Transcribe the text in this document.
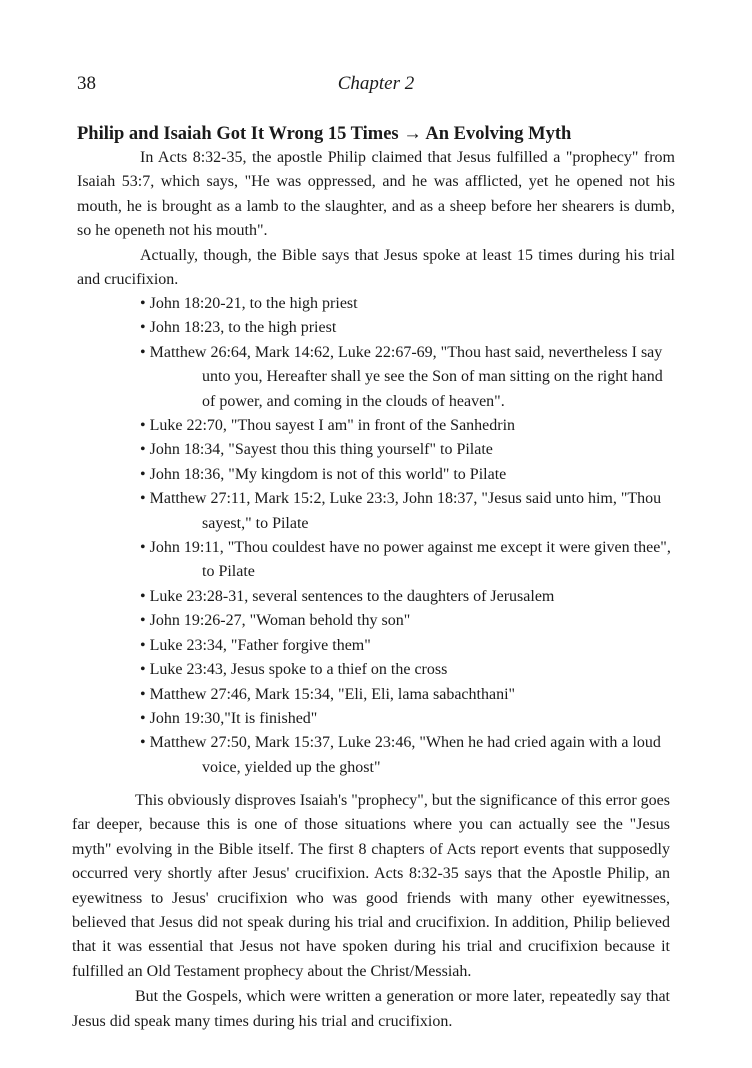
38	Chapter 2
Philip and Isaiah Got It Wrong 15 Times → An Evolving Myth

In Acts 8:32-35, the apostle Philip claimed that Jesus fulfilled a "prophecy" from Isaiah 53:7, which says, "He was oppressed, and he was afflicted, yet he opened not his mouth, he is brought as a lamb to the slaughter, and as a sheep before her shearers is dumb, so he openeth not his mouth".

Actually, though, the Bible says that Jesus spoke at least 15 times during his trial and crucifixion.

• John 18:20-21, to the high priest
• John 18:23, to the high priest
• Matthew 26:64, Mark 14:62, Luke 22:67-69, "Thou hast said, nevertheless I say unto you, Hereafter shall ye see the Son of man sitting on the right hand of power, and coming in the clouds of heaven".
• Luke 22:70, "Thou sayest I am" in front of the Sanhedrin
• John 18:34, "Sayest thou this thing yourself" to Pilate
• John 18:36, "My kingdom is not of this world" to Pilate
• Matthew 27:11, Mark 15:2, Luke 23:3, John 18:37, "Jesus said unto him, "Thou sayest," to Pilate
• John 19:11, "Thou couldest have no power against me except it were given thee", to Pilate
• Luke 23:28-31, several sentences to the daughters of Jerusalem
• John 19:26-27, "Woman behold thy son"
• Luke 23:34, "Father forgive them"
• Luke 23:43, Jesus spoke to a thief on the cross
• Matthew 27:46, Mark 15:34, "Eli, Eli, lama sabachthani"
• John 19:30,"It is finished"
• Matthew 27:50, Mark 15:37, Luke 23:46, "When he had cried again with a loud voice, yielded up the ghost"

This obviously disproves Isaiah's "prophecy", but the significance of this error goes far deeper, because this is one of those situations where you can actually see the "Jesus myth" evolving in the Bible itself. The first 8 chapters of Acts report events that supposedly occurred very shortly after Jesus' crucifixion. Acts 8:32-35 says that the Apostle Philip, an eyewitness to Jesus' crucifixion who was good friends with many other eyewitnesses, believed that Jesus did not speak during his trial and crucifixion. In addition, Philip believed that it was essential that Jesus not have spoken during his trial and crucifixion because it fulfilled an Old Testament prophecy about the Christ/Messiah.

But the Gospels, which were written a generation or more later, repeatedly say that Jesus did speak many times during his trial and crucifixion.
